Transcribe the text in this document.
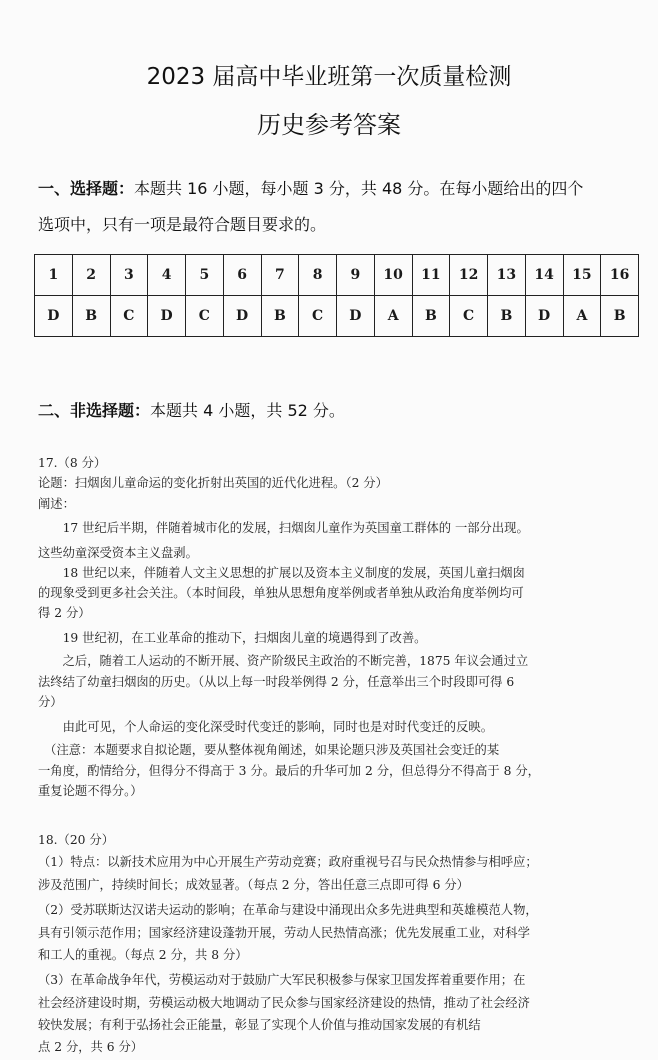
2023 届高中毕业班第一次质量检测
历史参考答案
一、选择题：本题共 16 小题，每小题 3 分，共 48 分。在每小题给出的四个
选项中，只有一项是最符合题目要求的。
1	2	3	4	5	6	7	8	9	10	11	12	13	14	15	16
D	B	C	D	C	D	B	C	D	A	B	C	B	D	A	B
二、非选择题：本题共 4 小题，共 52 分。
17.（8 分）
论题：扫烟囱儿童命运的变化折射出英国的近代化进程。（2 分）
阐述：
　　17 世纪后半期，伴随着城市化的发展，扫烟囱儿童作为英国童工群体的 一部分出现。
这些幼童深受资本主义盘剥。
　　18 世纪以来，伴随着人文主义思想的扩展以及资本主义制度的发展，英国儿童扫烟囱
的现象受到更多社会关注。（本时间段，单独从思想角度举例或者单独从政治角度举例均可
得 2 分）
　　19 世纪初，在工业革命的推动下，扫烟囱儿童的境遇得到了改善。
　　之后，随着工人运动的不断开展、资产阶级民主政治的不断完善，1875 年议会通过立
法终结了幼童扫烟囱的历史。（从以上每一时段举例得 2 分，任意举出三个时段即可得 6
分）
　　由此可见，个人命运的变化深受时代变迁的影响，同时也是对时代变迁的反映。
　（注意：本题要求自拟论题，要从整体视角阐述，如果论题只涉及英国社会变迁的某
一角度，酌情给分，但得分不得高于 3 分。最后的升华可加 2 分，但总得分不得高于 8 分，
重复论题不得分。）
18.（20 分）
（1）特点：以新技术应用为中心开展生产劳动竞赛；政府重视号召与民众热情参与相呼应；
涉及范围广，持续时间长；成效显著。（每点 2 分，答出任意三点即可得 6 分）
（2）受苏联斯达汉诺夫运动的影响；在革命与建设中涌现出众多先进典型和英雄模范人物，
具有引领示范作用；国家经济建设蓬勃开展，劳动人民热情高涨；优先发展重工业，对科学
和工人的重视。（每点 2 分，共 8 分）
（3）在革命战争年代，劳模运动对于鼓励广大军民积极参与保家卫国发挥着重要作用；在
社会经济建设时期，劳模运动极大地调动了民众参与国家经济建设的热情，推动了社会经济
较快发展；有利于弘扬社会正能量，彰显了实现个人价值与推动国家发展的有机结
点 2 分，共 6 分）
